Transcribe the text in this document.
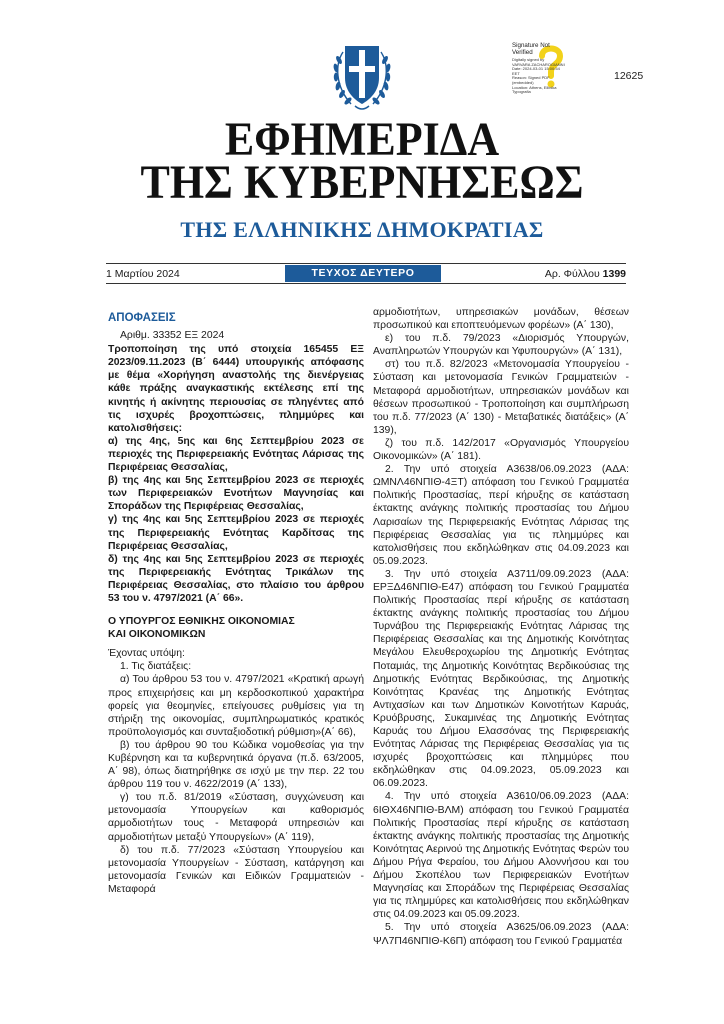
Signature Not
Verified
Digitally signed by
VARVARA ZACHAROGIANNI
Date: 2024-03-01 15:00:54
EET
Reason: Signed PDF
(embedded)
Location: Athens, Ellinika
Typografia
12625
ΕΦΗΜΕΡΙΔΑ
ΤΗΣ ΚΥΒΕΡΝΗΣΕΩΣ
ΤΗΣ ΕΛΛΗΝΙΚΗΣ ΔΗΜΟΚΡΑΤΙΑΣ
1 Μαρτίου 2024	ΤΕΥΧΟΣ ΔΕΥΤΕΡΟ	Αρ. Φύλλου 1399
ΑΠΟΦΑΣΕΙΣ

Αριθμ. 33352 ΕΞ 2024

Τροποποίηση της υπό στοιχεία 165455 ΕΞ 2023/09.11.2023 (Β΄ 6444) υπουργικής απόφασης με θέμα «Χορήγηση αναστολής της διενέργειας κάθε πράξης αναγκαστικής εκτέλεσης επί της κινητής ή ακίνητης περιουσίας σε πληγέντες από τις ισχυρές βροχοπτώσεις, πλημμύρες και κατολισθήσεις:

α) της 4ης, 5ης και 6ης Σεπτεμβρίου 2023 σε περιοχές της Περιφερειακής Ενότητας Λάρισας της Περιφέρειας Θεσσαλίας,

β) της 4ης και 5ης Σεπτεμβρίου 2023 σε περιοχές των Περιφερειακών Ενοτήτων Μαγνησίας και Σποράδων της Περιφέρειας Θεσσαλίας,

γ) της 4ης και 5ης Σεπτεμβρίου 2023 σε περιοχές της Περιφερειακής Ενότητας Καρδίτσας της Περιφέρειας Θεσσαλίας,

δ) της 4ης και 5ης Σεπτεμβρίου 2023 σε περιοχές της Περιφερειακής Ενότητας Τρικάλων της Περιφέρειας Θεσσαλίας, στο πλαίσιο του άρθρου 53 του ν. 4797/2021 (Α΄ 66».

Ο ΥΠΟΥΡΓΟΣ ΕΘΝΙΚΗΣ ΟΙΚΟΝΟΜΙΑΣ

ΚΑΙ ΟΙΚΟΝΟΜΙΚΩΝ

Έχοντας υπόψη:

1. Τις διατάξεις:

α) Του άρθρου 53 του ν. 4797/2021 «Κρατική αρωγή προς επιχειρήσεις και μη κερδοσκοπικού χαρακτήρα φορείς για θεομηνίες, επείγουσες ρυθμίσεις για τη στήριξη της οικονομίας, συμπληρωματικός κρατικός προϋπολογισμός και συνταξιοδοτική ρύθμιση»(Α΄ 66),

β) του άρθρου 90 του Κώδικα νομοθεσίας για την Κυβέρνηση και τα κυβερνητικά όργανα (π.δ. 63/2005, Α΄ 98), όπως διατηρήθηκε σε ισχύ με την περ. 22 του άρθρου 119 του ν. 4622/2019 (Α΄ 133),

γ) του π.δ. 81/2019 «Σύσταση, συγχώνευση και μετονομασία Υπουργείων και καθορισμός αρμοδιοτήτων τους - Μεταφορά υπηρεσιών και αρμοδιοτήτων μεταξύ Υπουργείων» (Α΄ 119),

δ) του π.δ. 77/2023 «Σύσταση Υπουργείου και μετονομασία Υπουργείων - Σύσταση, κατάργηση και μετονομασία Γενικών και Ειδικών Γραμματειών - Μεταφορά

αρμοδιοτήτων, υπηρεσιακών μονάδων, θέσεων προσωπικού και εποπτευόμενων φορέων» (Α΄ 130),

ε) του π.δ. 79/2023 «Διορισμός Υπουργών, Αναπληρωτών Υπουργών και Υφυπουργών» (Α΄ 131),

στ) του π.δ. 82/2023 «Μετονομασία Υπουργείου - Σύσταση και μετονομασία Γενικών Γραμματειών - Μεταφορά αρμοδιοτήτων, υπηρεσιακών μονάδων και θέσεων προσωπικού - Τροποποίηση και συμπλήρωση του π.δ. 77/2023 (Α΄ 130) - Μεταβατικές διατάξεις» (Α΄ 139),

ζ) του π.δ. 142/2017 «Οργανισμός Υπουργείου Οικονομικών» (Α΄ 181).

2. Την υπό στοιχεία Α3638/06.09.2023 (ΑΔΑ: ΩΜΝΛ46ΝΠΙΘ-4ΞΤ) απόφαση του Γενικού Γραμματέα Πολιτικής Προστασίας, περί κήρυξης σε κατάσταση έκτακτης ανάγκης πολιτικής προστασίας του Δήμου Λαρισαίων της Περιφερειακής Ενότητας Λάρισας της Περιφέρειας Θεσσαλίας για τις πλημμύρες και κατολισθήσεις που εκδηλώθηκαν στις 04.09.2023 και 05.09.2023.

3. Την υπό στοιχεία Α3711/09.09.2023 (ΑΔΑ: ΕΡΞΔ46ΝΠΙΘ-Ε47) απόφαση του Γενικού Γραμματέα Πολιτικής Προστασίας περί κήρυξης σε κατάσταση έκτακτης ανάγκης πολιτικής προστασίας του Δήμου Τυρνάβου της Περιφερειακής Ενότητας Λάρισας της Περιφέρειας Θεσσαλίας και της Δημοτικής Κοινότητας Μεγάλου Ελευθεροχωρίου της Δημοτικής Ενότητας Ποταμιάς, της Δημοτικής Κοινότητας Βερδικούσιας της Δημοτικής Ενότητας Βερδικούσιας, της Δημοτικής Κοινότητας Κρανέας της Δημοτικής Ενότητας Αντιχασίων και των Δημοτικών Κοινοτήτων Καρυάς, Κρυόβρυσης, Συκαμινέας της Δημοτικής Ενότητας Καρυάς του Δήμου Ελασσόνας της Περιφερειακής Ενότητας Λάρισας της Περιφέρειας Θεσσαλίας για τις ισχυρές βροχοπτώσεις και πλημμύρες που εκδηλώθηκαν στις 04.09.2023, 05.09.2023 και 06.09.2023.

4. Την υπό στοιχεία Α3610/06.09.2023 (ΑΔΑ: 6ΙΘΧ46ΝΠΙΘ-ΒΛΜ) απόφαση του Γενικού Γραμματέα Πολιτικής Προστασίας περί κήρυξης σε κατάσταση έκτακτης ανάγκης πολιτικής προστασίας της Δημοτικής Κοινότητας Αερινού της Δημοτικής Ενότητας Φερών του Δήμου Ρήγα Φεραίου, του Δήμου Αλοννήσου και του Δήμου Σκοπέλου των Περιφερειακών Ενοτήτων Μαγνησίας και Σποράδων της Περιφέρειας Θεσσαλίας για τις πλημμύρες και κατολισθήσεις που εκδηλώθηκαν στις 04.09.2023 και 05.09.2023.

5. Την υπό στοιχεία Α3625/06.09.2023 (ΑΔΑ: ΨΛ7Π46ΝΠΙΘ-Κ6Π) απόφαση του Γενικού Γραμματέα
